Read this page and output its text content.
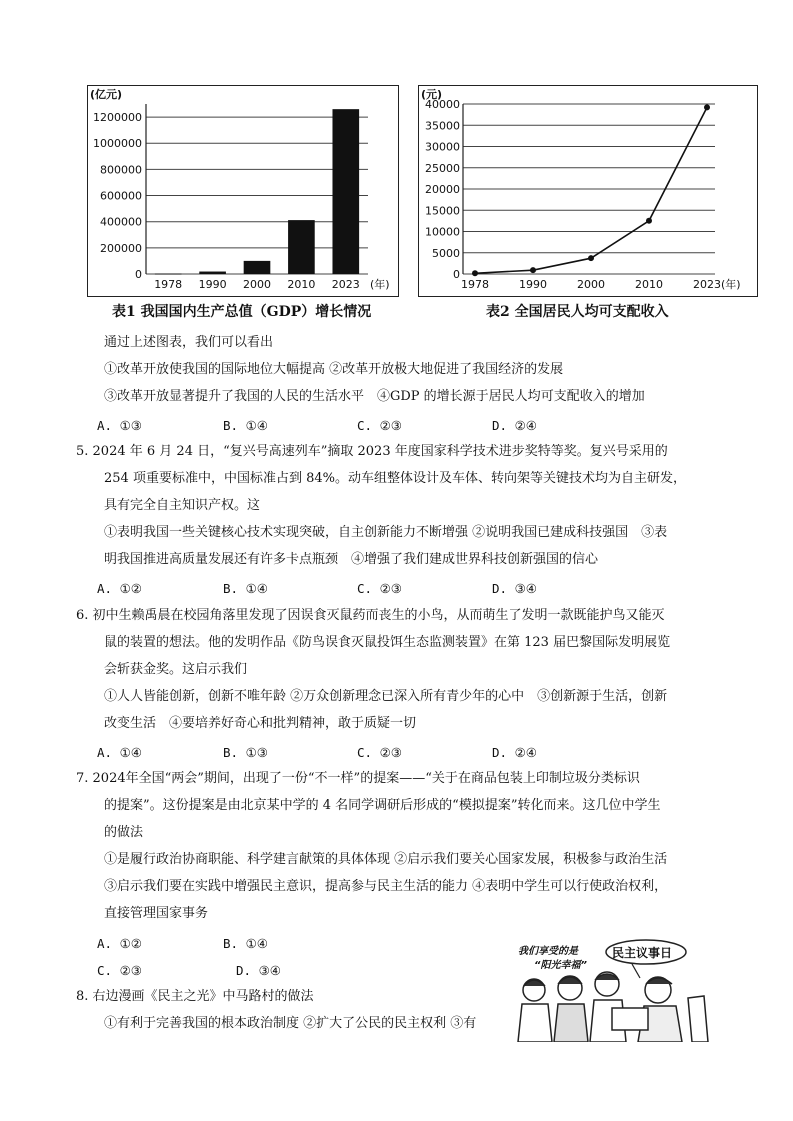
(亿元)
0
200000
400000
600000
800000
1000000
1200000
1978 1990 2000 2010 2023 (年)
表1 我国国内生产总值（GDP）增长情况
(元)
0
5000
10000
15000
20000
25000
30000
35000
40000
1978	1990	2000	2010	2023 (年)
表2 全国居民人均可支配收入
通过上述图表，我们可以看出
①改革开放使我国的国际地位大幅提高 ②改革开放极大地促进了我国经济的发展
③改革开放显著提升了我国的人民的生活水平　④GDP 的增长源于居民人均可支配收入的增加
A. ①③	B. ①④	C. ②③	D. ②④
5. 2024 年 6 月 24 日，“复兴号高速列车”摘取 2023 年度国家科学技术进步奖特等奖。复兴号采用的
254 项重要标准中，中国标准占到 84%。动车组整体设计及车体、转向架等关键技术均为自主研发，
具有完全自主知识产权。这
①表明我国一些关键核心技术实现突破，自主创新能力不断增强 ②说明我国已建成科技强国　③表
明我国推进高质量发展还有许多卡点瓶颈　④增强了我们建成世界科技创新强国的信心
A. ①②	B. ①④	C. ②③	D. ③④
6. 初中生赖禹晨在校园角落里发现了因误食灭鼠药而丧生的小鸟，从而萌生了发明一款既能护鸟又能灭
鼠的装置的想法。他的发明作品《防鸟误食灭鼠投饵生态监测装置》在第 123 届巴黎国际发明展览
会斩获金奖。这启示我们
①人人皆能创新，创新不唯年龄 ②万众创新理念已深入所有青少年的心中　③创新源于生活，创新
改变生活　④要培养好奇心和批判精神，敢于质疑一切
A. ①④	B. ①③	C. ②③	D. ②④
7. 2024年全国“两会”期间，出现了一份“不一样”的提案——“关于在商品包装上印制垃圾分类标识
的提案”。这份提案是由北京某中学的 4 名同学调研后形成的“模拟提案”转化而来。这几位中学生
的做法
①是履行政治协商职能、科学建言献策的具体体现 ②启示我们要关心国家发展，积极参与政治生活
③启示我们要在实践中增强民主意识，提高参与民主生活的能力 ④表明中学生可以行使政治权利，
直接管理国家事务
A. ①②	B. ①④
C. ②③	D. ③④
8. 右边漫画《民主之光》中马路村的做法
①有利于完善我国的根本政治制度 ②扩大了公民的民主权利 ③有
我们享受的是
“阳光幸福”
民主议事日
